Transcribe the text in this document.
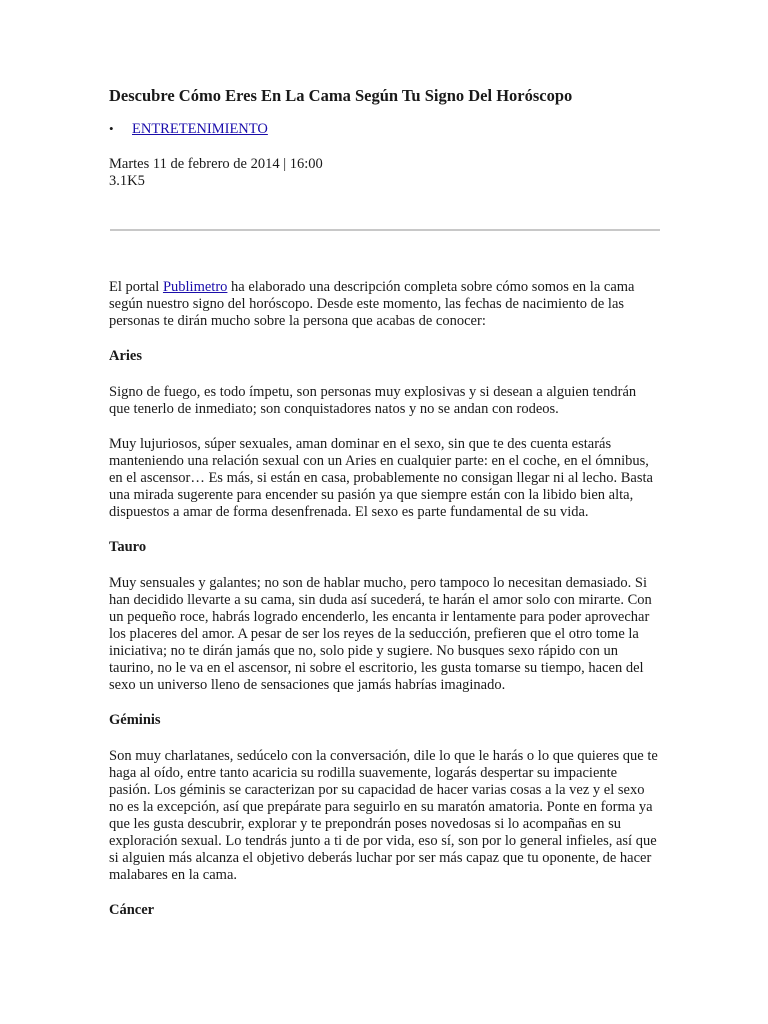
Descubre Cómo Eres En La Cama Según Tu Signo Del Horóscopo
•	ENTRETENIMIENTO
Martes 11 de febrero de 2014 | 16:00
3.1K5

El portal Publimetro ha elaborado una descripción completa sobre cómo somos en la cama según nuestro signo del horóscopo. Desde este momento, las fechas de nacimiento de las personas te dirán mucho sobre la persona que acabas de conocer:

Aries

Signo de fuego, es todo ímpetu, son personas muy explosivas y si desean a alguien tendrán que tenerlo de inmediato; son conquistadores natos y no se andan con rodeos.

Muy lujuriosos, súper sexuales, aman dominar en el sexo, sin que te des cuenta estarás manteniendo una relación sexual con un Aries en cualquier parte: en el coche, en el ómnibus, en el ascensor… Es más, si están en casa, probablemente no consigan llegar ni al lecho. Basta una mirada sugerente para encender su pasión ya que siempre están con la libido bien alta, dispuestos a amar de forma desenfrenada. El sexo es parte fundamental de su vida.

Tauro

Muy sensuales y galantes; no son de hablar mucho, pero tampoco lo necesitan demasiado. Si han decidido llevarte a su cama, sin duda así sucederá, te harán el amor solo con mirarte. Con un pequeño roce, habrás logrado encenderlo, les encanta ir lentamente para poder aprovechar los placeres del amor. A pesar de ser los reyes de la seducción, prefieren que el otro tome la iniciativa; no te dirán jamás que no, solo pide y sugiere. No busques sexo rápido con un taurino, no le va en el ascensor, ni sobre el escritorio, les gusta tomarse su tiempo, hacen del sexo un universo lleno de sensaciones que jamás habrías imaginado.

Géminis

Son muy charlatanes, sedúcelo con la conversación, dile lo que le harás o lo que quieres que te haga al oído, entre tanto acaricia su rodilla suavemente, logarás despertar su impaciente pasión. Los géminis se caracterizan por su capacidad de hacer varias cosas a la vez y el sexo no es la excepción, así que prepárate para seguirlo en su maratón amatoria. Ponte en forma ya que les gusta descubrir, explorar y te prepondrán poses novedosas si lo acompañas en su exploración sexual. Lo tendrás junto a ti de por vida, eso sí, son por lo general infieles, así que si alguien más alcanza el objetivo deberás luchar por ser más capaz que tu oponente, de hacer malabares en la cama.

Cáncer
